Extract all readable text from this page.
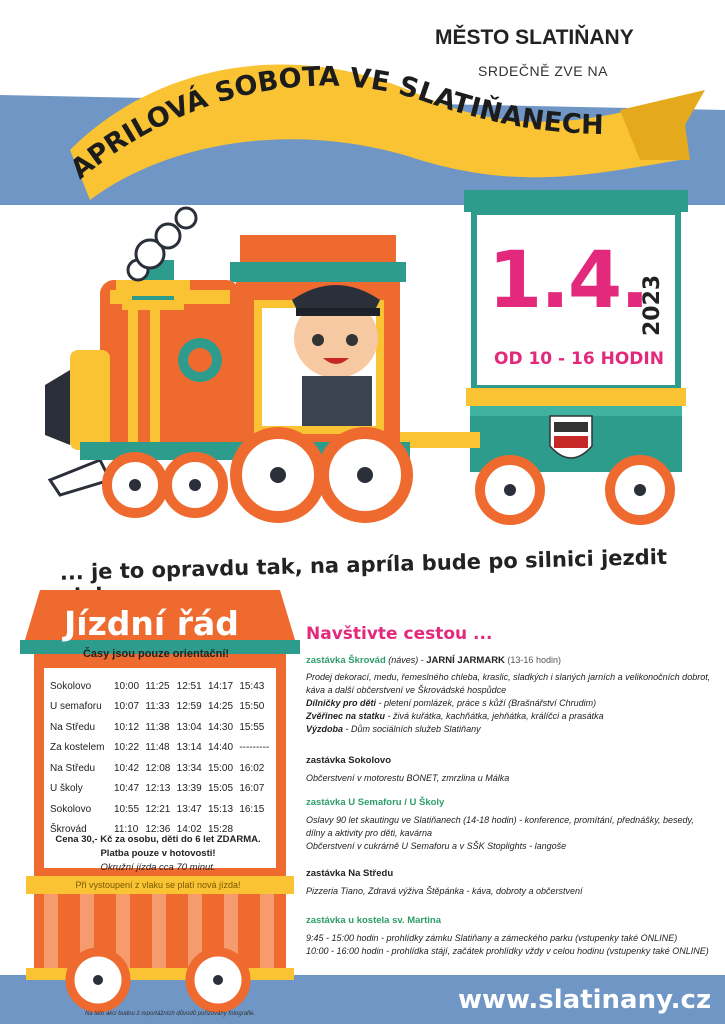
MĚSTO SLATIŇANY
SRDEČNĚ ZVE NA
APRILOVÁ SOBOTA VE SLATIŇANECH
1.4.
2023
OD 10 - 16 HODIN
... je to opravdu tak, na apríla bude po silnici jezdit
Jízdní řád
Časy jsou pouze orientační!
Sokolovo	10:00	11:25	12:51	14:17	15:43
U semaforu	10:07	11:33	12:59	14:25	15:50
Na Středu	10:12	11:38	13:04	14:30	15:55
Za kostelem	10:22	11:48	13:14	14:40	---------
Na Středu	10:42	12:08	13:34	15:00	16:02
U školy	10:47	12:13	13:39	15:05	16:07
Sokolovo	10:55	12:21	13:47	15:13	16:15
Škrovád	11:10	12:36	14:02	15:28	
Cena 30,- Kč za osobu, děti do 6 let ZDARMA.
Platba pouze v hotovosti!
Okružní jízda cca 70 minut.
Při vystoupení z vlaku se platí nová jízda!
Na této akci budou z reportážních důvodů pořizovány fotografie.
Navštivte cestou ...
zastávka Škrovád (náves) - JARNÍ JARMARK (13-16 hodin)
Prodej dekorací, medu, řemeslného chleba, kraslic, sladkých i slaných jarních a velikonočních dobrot, káva a další občerstvení ve Škrovádské hospůdce
Dílničky pro děti - pletení pomlázek, práce s kůží (Brašnářství Chrudim)
Zvěřinec na statku - živá kuřátka, kachňátka, jehňátka, králíčci a prasátka
Výzdoba - Dům sociálních služeb Slatiňany
zastávka Sokolovo
Občerstvení v motorestu BONET, zmrzlina u Málka
zastávka U Semaforu / U Školy
Oslavy 90 let skautingu ve Slatiňanech (14-18 hodin) - konference, promítání, přednášky, besedy, dílny a aktivity pro děti, kavárna
Občerstvení v cukrárně U Semaforu a v SŠK Stoplights - langoše
zastávka Na Středu
Pizzeria Tiano, Zdravá výživa Štěpánka - káva, dobroty a občerstvení
zastávka u kostela sv. Martina
9:45 - 15:00 hodin - prohlídky zámku Slatiňany a zámeckého parku (vstupenky také ONLINE)
10:00 - 16:00 hodin - prohlídka stájí, začátek prohlídky vždy v celou hodinu (vstupenky také ONLINE)
www.slatinany.cz
